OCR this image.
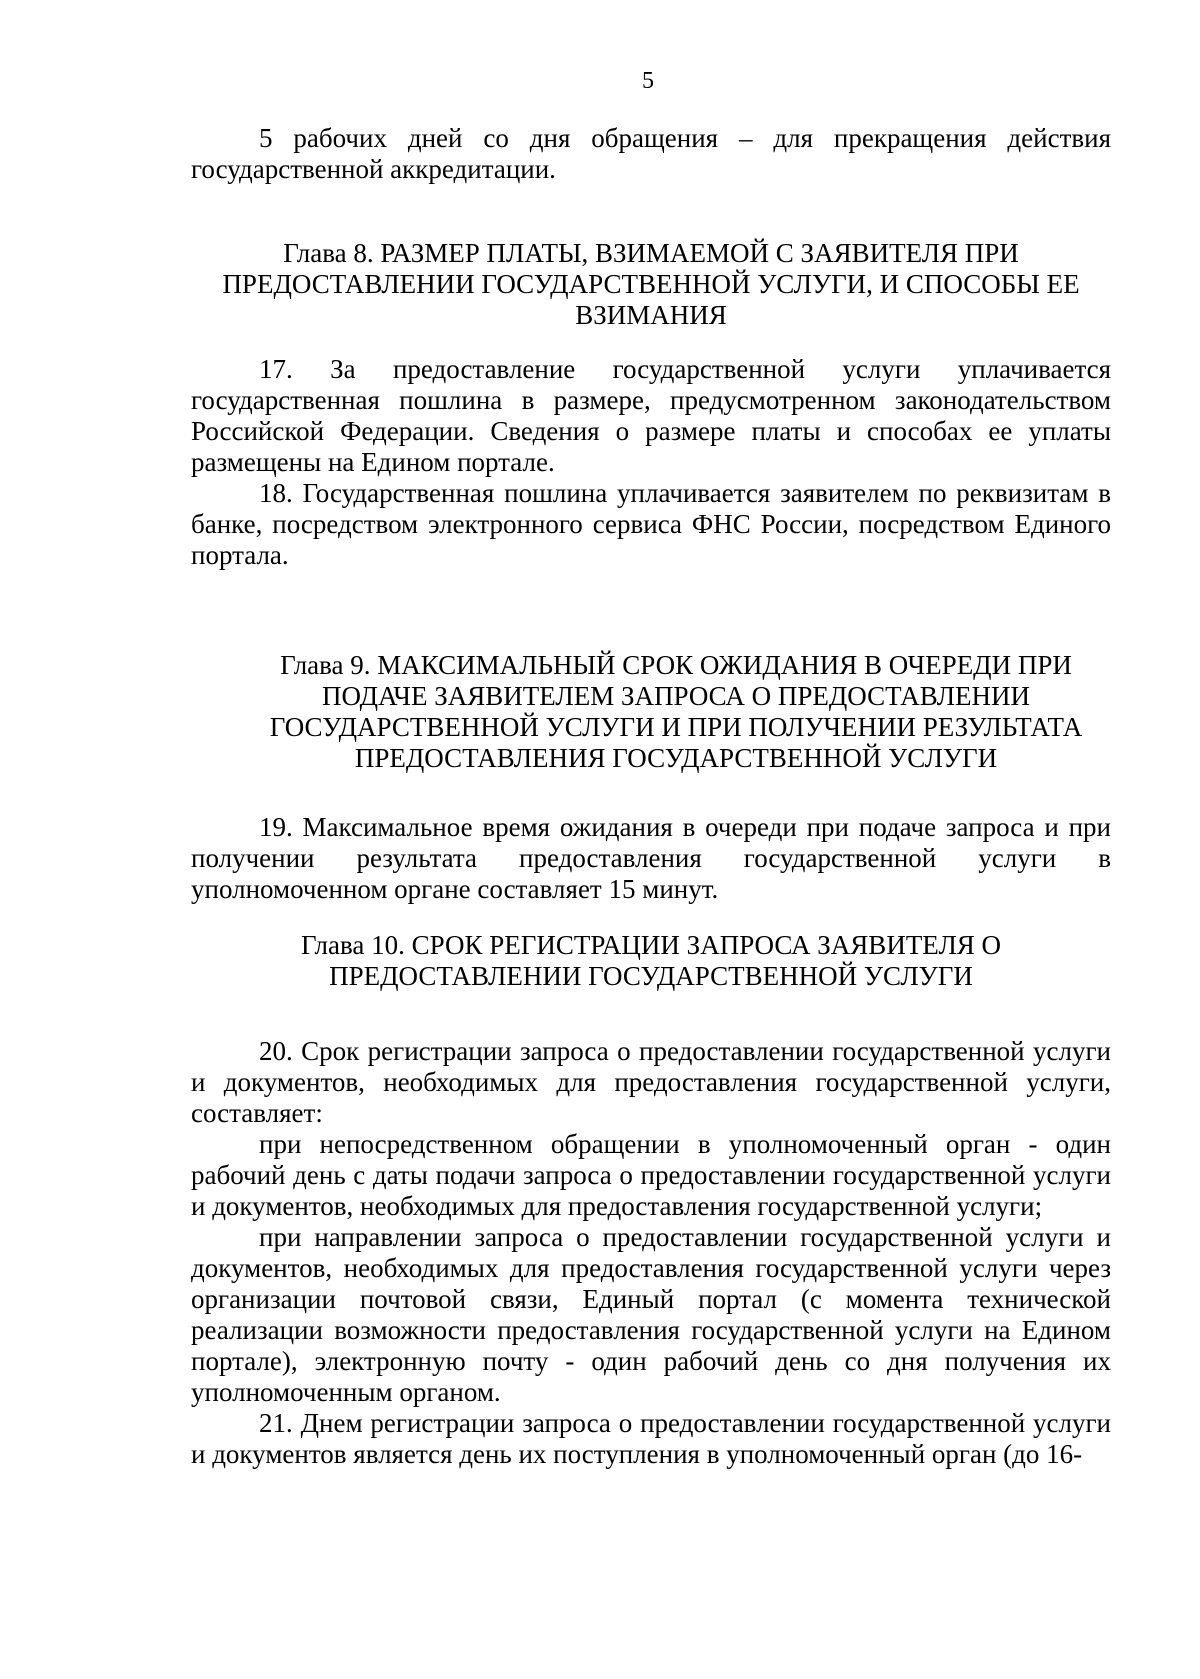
5

5 рабочих дней со дня обращения – для прекращения действия государственной аккредитации.

Глава 8. РАЗМЕР ПЛАТЫ, ВЗИМАЕМОЙ С ЗАЯВИТЕЛЯ ПРИ
ПРЕДОСТАВЛЕНИИ ГОСУДАРСТВЕННОЙ УСЛУГИ, И СПОСОБЫ ЕЕ
ВЗИМАНИЯ

17. За предоставление государственной услуги уплачивается государственная пошлина в размере, предусмотренном законодательством Российской Федерации. Сведения о размере платы и способах ее уплаты размещены на Едином портале.

18. Государственная пошлина уплачивается заявителем по реквизитам в банке, посредством электронного сервиса ФНС России, посредством Единого портала.

Глава 9. МАКСИМАЛЬНЫЙ СРОК ОЖИДАНИЯ В ОЧЕРЕДИ ПРИ
ПОДАЧЕ ЗАЯВИТЕЛЕМ ЗАПРОСА О ПРЕДОСТАВЛЕНИИ
ГОСУДАРСТВЕННОЙ УСЛУГИ И ПРИ ПОЛУЧЕНИИ РЕЗУЛЬТАТА
ПРЕДОСТАВЛЕНИЯ ГОСУДАРСТВЕННОЙ УСЛУГИ

19. Максимальное время ожидания в очереди при подаче запроса и при получении результата предоставления государственной услуги в уполномоченном органе составляет 15 минут.

Глава 10. СРОК РЕГИСТРАЦИИ ЗАПРОСА ЗАЯВИТЕЛЯ О
ПРЕДОСТАВЛЕНИИ ГОСУДАРСТВЕННОЙ УСЛУГИ

20. Срок регистрации запроса о предоставлении государственной услуги и документов, необходимых для предоставления государственной услуги, составляет:

при непосредственном обращении в уполномоченный орган - один рабочий день с даты подачи запроса о предоставлении государственной услуги и документов, необходимых для предоставления государственной услуги;

при направлении запроса о предоставлении государственной услуги и документов, необходимых для предоставления государственной услуги через организации почтовой связи, Единый портал (с момента технической реализации возможности предоставления государственной услуги на Едином портале), электронную почту - один рабочий день со дня получения их уполномоченным органом.

21. Днем регистрации запроса о предоставлении государственной услуги и документов является день их поступления в уполномоченный орган (до 16-
